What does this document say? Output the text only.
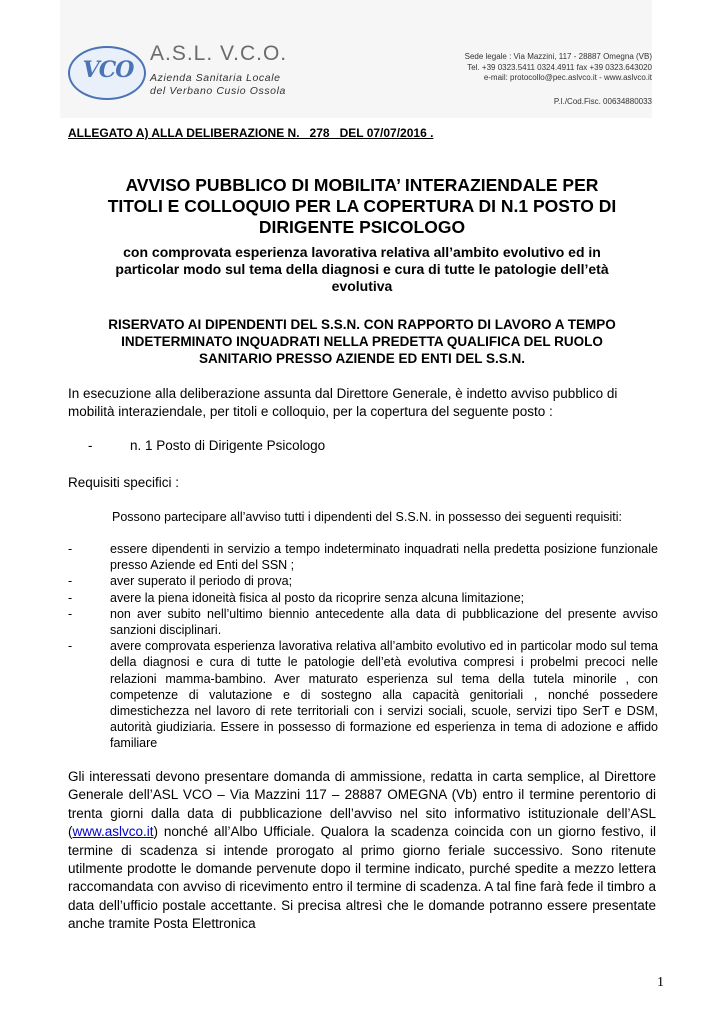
VCO
A.S.L. V.C.O.
Azienda Sanitaria Locale
del Verbano Cusio Ossola
Sede legale : Via Mazzini, 117 - 28887 Omegna (VB)
Tel. +39 0323.5411 0324.4911 fax +39 0323.643020
e-mail: protocollo@pec.aslvco.it - www.aslvco.it
P.I./Cod.Fisc. 00634880033
ALLEGATO A) ALLA DELIBERAZIONE N.   278   DEL 07/07/2016 .
AVVISO PUBBLICO DI MOBILITA’ INTERAZIENDALE PER
TITOLI E COLLOQUIO PER LA COPERTURA DI N.1 POSTO DI
DIRIGENTE PSICOLOGO
con comprovata esperienza lavorativa relativa all’ambito evolutivo ed in
particolar modo sul tema della diagnosi e cura di tutte le patologie dell’età
evolutiva
RISERVATO AI DIPENDENTI DEL S.S.N. CON RAPPORTO DI LAVORO A TEMPO
INDETERMINATO INQUADRATI NELLA PREDETTA QUALIFICA DEL RUOLO
SANITARIO PRESSO AZIENDE ED ENTI DEL S.S.N.
In esecuzione alla deliberazione assunta dal Direttore Generale, è indetto avviso pubblico di mobilità interaziendale, per titoli e colloquio, per la copertura del seguente posto :
-	n. 1 Posto di Dirigente Psicologo
Requisiti specifici :
Possono partecipare all’avviso tutti i dipendenti del S.S.N. in possesso dei seguenti requisiti:
-	essere dipendenti in servizio a tempo indeterminato inquadrati nella predetta posizione funzionale presso Aziende ed Enti del SSN ;
-	aver superato il periodo di prova;
-	avere la piena idoneità fisica al posto da ricoprire senza alcuna limitazione;
-	non aver subito nell’ultimo biennio antecedente alla data di pubblicazione del presente avviso sanzioni disciplinari.
-	avere comprovata esperienza lavorativa relativa all’ambito evolutivo ed in particolar modo sul tema della diagnosi e cura di tutte le patologie dell’età evolutiva compresi i probelmi precoci nelle relazioni mamma-bambino. Aver maturato esperienza sul tema della tutela minorile , con competenze di valutazione e di sostegno alla capacità genitoriali , nonché possedere dimestichezza nel lavoro di rete territoriali con i servizi sociali, scuole, servizi tipo SerT e DSM, autorità giudiziaria. Essere in possesso di formazione ed esperienza in tema di adozione e affido familiare
Gli interessati devono presentare domanda di ammissione, redatta in carta semplice, al Direttore Generale dell’ASL VCO – Via Mazzini 117 – 28887 OMEGNA (Vb) entro il termine perentorio di trenta giorni dalla data di pubblicazione dell’avviso nel sito informativo istituzionale dell’ASL (www.aslvco.it) nonché all’Albo Ufficiale. Qualora la scadenza coincida con un giorno festivo, il termine di scadenza si intende prorogato al primo giorno feriale successivo. Sono ritenute utilmente prodotte le domande pervenute dopo il termine indicato, purché spedite a mezzo lettera raccomandata con avviso di ricevimento entro il termine di scadenza. A tal fine farà fede il timbro a data dell’ufficio postale accettante. Si precisa altresì che le domande potranno essere presentate anche tramite Posta Elettronica
1
